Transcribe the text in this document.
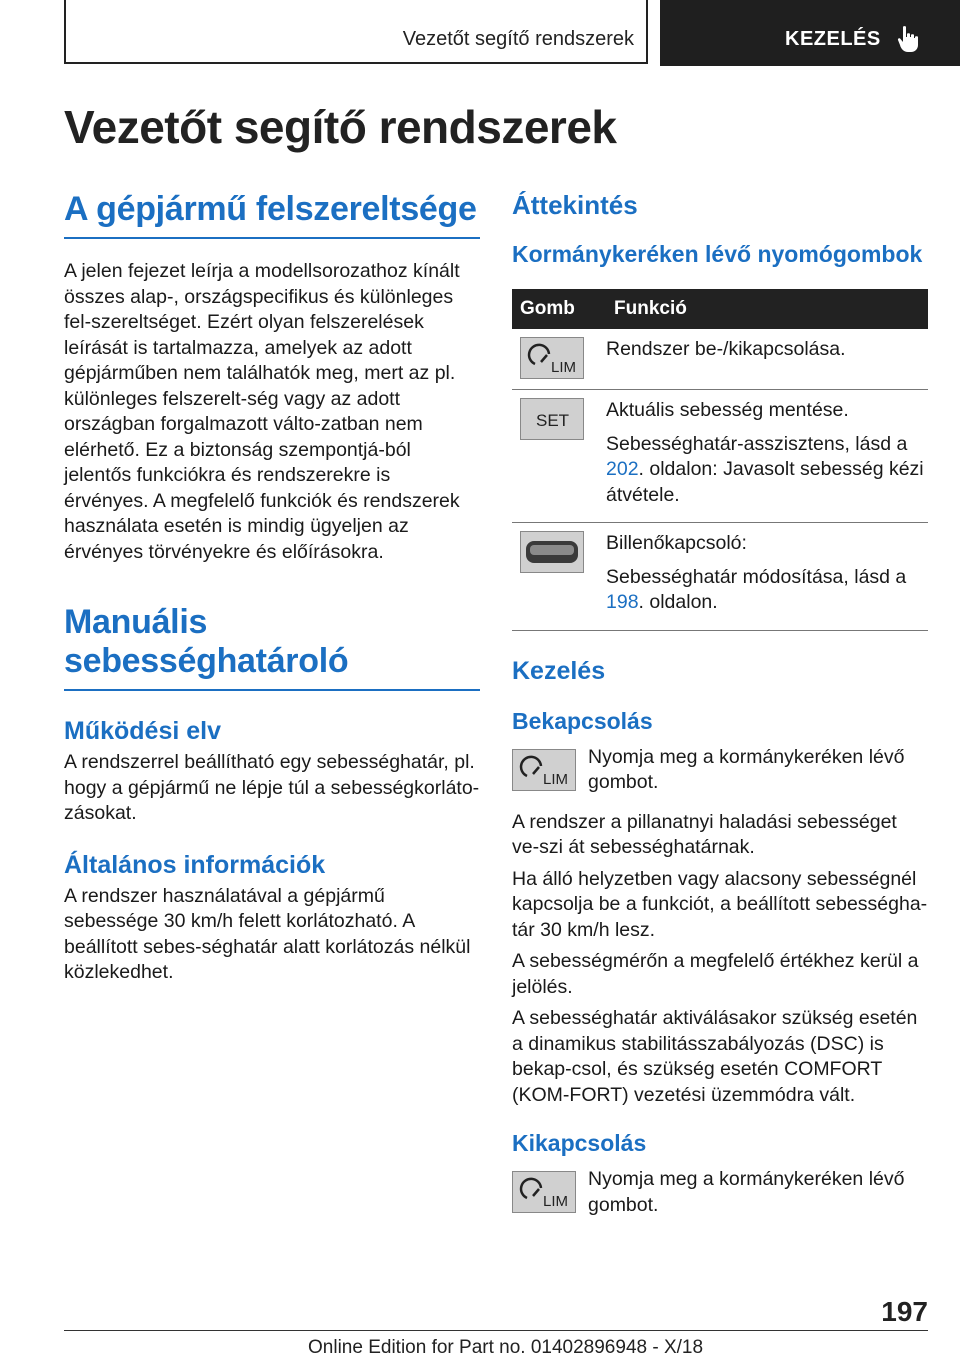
Vezetőt segítő rendszerek	KEZELÉS
Vezetőt segítő rendszerek
A gépjármű felszereltsége

A jelen fejezet leírja a modellsorozathoz kínált összes alap-, országspecifikus és különleges fel-szereltséget. Ezért olyan felszerelések leírását is tartalmazza, amelyek az adott gépjárműben nem találhatók meg, mert az pl. különleges felszerelt-ség vagy az adott országban forgalmazott válto-zatban nem elérhető. Ez a biztonság szempontjá-ból jelentős funkciókra és rendszerekre is érvényes. A megfelelő funkciók és rendszerek használata esetén is mindig ügyeljen az érvényes törvényekre és előírásokra.

Manuális sebességhatároló
Működési elv

A rendszerrel beállítható egy sebességhatár, pl. hogy a gépjármű ne lépje túl a sebességkorláto-zásokat.

Általános információk

A rendszer használatával a gépjármű sebessége 30 km/h felett korlátozható. A beállított sebes-séghatár alatt korlátozás nélkül közlekedhet.

Áttekintés
Kormánykeréken lévő nyomógombok
Gomb	Funkció

LIM	Rendszer be-/kikapcsolása.

SET	Aktuális sebesség mentése.

Sebességhatár-asszisztens, lásd a 202. oldalon: Javasolt sebesség kézi átvétele.

Billenőkapcsoló:

Sebességhatár módosítása, lásd a 198. oldalon.

Kezelés
Bekapcsolás
LIM

Nyomja meg a kormánykeréken lévő gombot.

A rendszer a pillanatnyi haladási sebességet ve-szi át sebességhatárnak.

Ha álló helyzetben vagy alacsony sebességnél kapcsolja be a funkciót, a beállított sebességha-tár 30 km/h lesz.

A sebességmérőn a megfelelő értékhez kerül a jelölés.

A sebességhatár aktiválásakor szükség esetén a dinamikus stabilitásszabályozás (DSC) is bekap-csol, és szükség esetén COMFORT (KOM-FORT) vezetési üzemmódra vált.

Kikapcsolás
LIM

Nyomja meg a kormánykeréken lévő gombot.

197
Online Edition for Part no. 01402896948 - X/18
